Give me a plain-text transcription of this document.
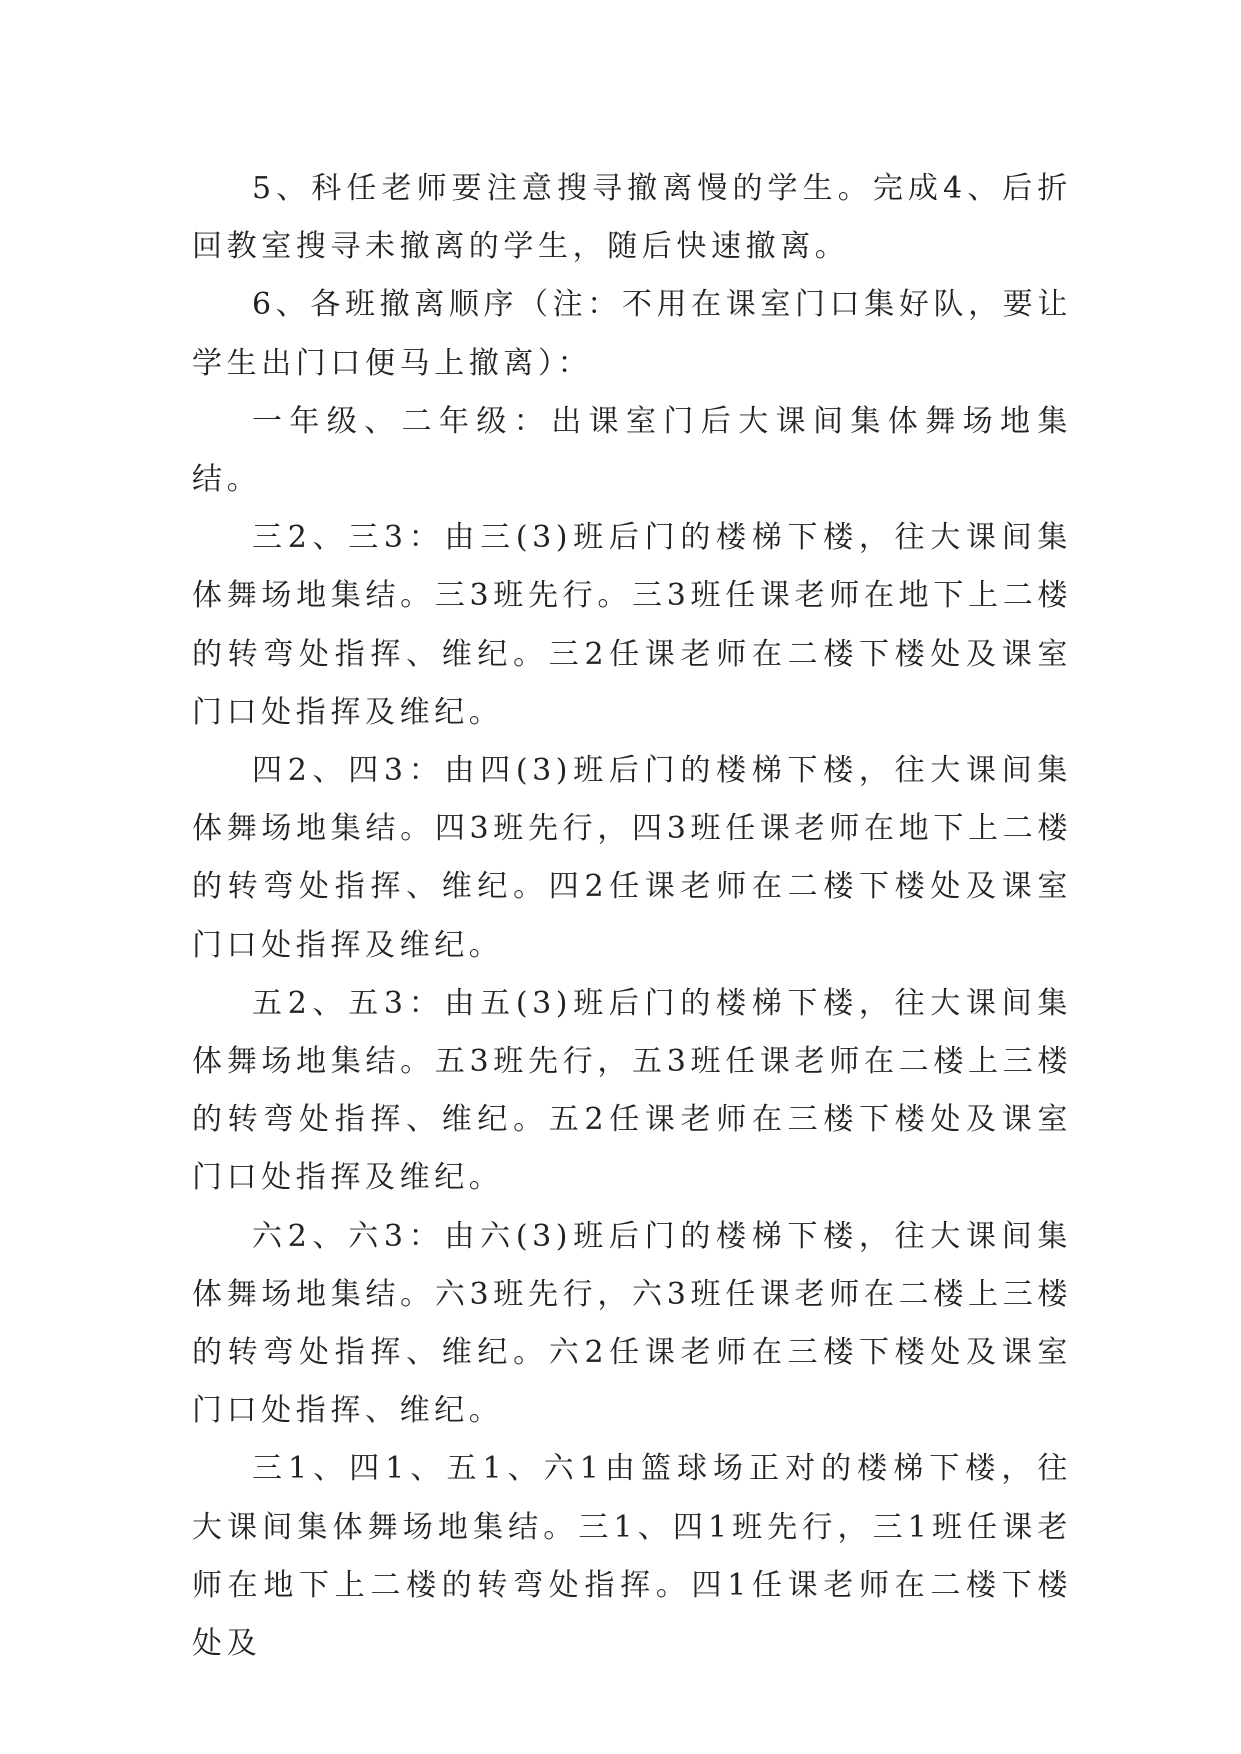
5、科任老师要注意搜寻撤离慢的学生。完成4、后折回教室搜寻未撤离的学生，随后快速撤离。

6、各班撤离顺序（注：不用在课室门口集好队，要让学生出门口便马上撤离）：

一年级、二年级：出课室门后大课间集体舞场地集结。

三2、三3：由三(3)班后门的楼梯下楼，往大课间集体舞场地集结。三3班先行。三3班任课老师在地下上二楼的转弯处指挥、维纪。三2任课老师在二楼下楼处及课室门口处指挥及维纪。

四2、四3：由四(3)班后门的楼梯下楼，往大课间集体舞场地集结。四3班先行，四3班任课老师在地下上二楼的转弯处指挥、维纪。四2任课老师在二楼下楼处及课室门口处指挥及维纪。

五2、五3：由五(3)班后门的楼梯下楼，往大课间集体舞场地集结。五3班先行，五3班任课老师在二楼上三楼的转弯处指挥、维纪。五2任课老师在三楼下楼处及课室门口处指挥及维纪。

六2、六3：由六(3)班后门的楼梯下楼，往大课间集体舞场地集结。六3班先行，六3班任课老师在二楼上三楼的转弯处指挥、维纪。六2任课老师在三楼下楼处及课室门口处指挥、维纪。

三1、四1、五1、六1由篮球场正对的楼梯下楼，往大课间集体舞场地集结。三1、四1班先行，三1班任课老师在地下上二楼的转弯处指挥。四1任课老师在二楼下楼处及
